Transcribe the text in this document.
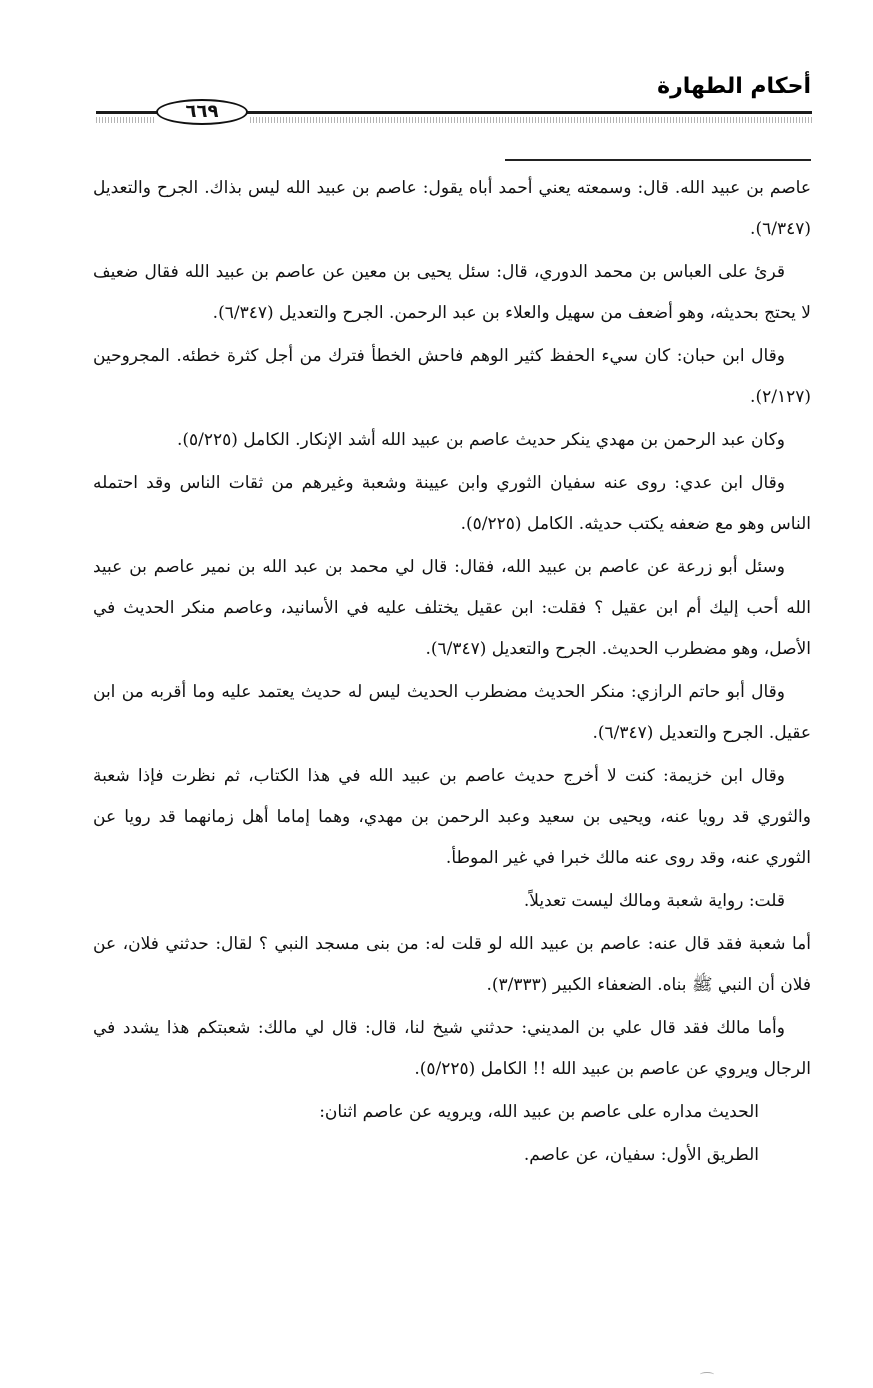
أحكام الطهارة
٦٦٩

عاصم بن عبيد الله. قال: وسمعته يعني أحمد أباه يقول: عاصم بن عبيد الله ليس بذاك. الجرح والتعديل (٦/٣٤٧).

قرئ على العباس بن محمد الدوري، قال: سئل يحيى بن معين عن عاصم بن عبيد الله فقال ضعيف لا يحتج بحديثه، وهو أضعف من سهيل والعلاء بن عبد الرحمن. الجرح والتعديل (٦/٣٤٧).

وقال ابن حبان: كان سيء الحفظ كثير الوهم فاحش الخطأ فترك من أجل كثرة خطئه. المجروحين (٢/١٢٧).

وكان عبد الرحمن بن مهدي ينكر حديث عاصم بن عبيد الله أشد الإنكار. الكامل (٥/٢٢٥).

وقال ابن عدي: روى عنه سفيان الثوري وابن عيينة وشعبة وغيرهم من ثقات الناس وقد احتمله الناس وهو مع ضعفه يكتب حديثه. الكامل (٥/٢٢٥).

وسئل أبو زرعة عن عاصم بن عبيد الله، فقال: قال لي محمد بن عبد الله بن نمير عاصم بن عبيد الله أحب إليك أم ابن عقيل ؟ فقلت: ابن عقيل يختلف عليه في الأسانيد، وعاصم منكر الحديث في الأصل، وهو مضطرب الحديث. الجرح والتعديل (٦/٣٤٧).

وقال أبو حاتم الرازي: منكر الحديث مضطرب الحديث ليس له حديث يعتمد عليه وما أقربه من ابن عقيل. الجرح والتعديل (٦/٣٤٧).

وقال ابن خزيمة: كنت لا أخرج حديث عاصم بن عبيد الله في هذا الكتاب، ثم نظرت فإذا شعبة والثوري قد رويا عنه، ويحيى بن سعيد وعبد الرحمن بن مهدي، وهما إماما أهل زمانهما قد رويا عن الثوري عنه، وقد روى عنه مالك خبرا في غير الموطأ.

قلت: رواية شعبة ومالك ليست تعديلاً.

أما شعبة فقد قال عنه: عاصم بن عبيد الله لو قلت له: من بنى مسجد النبي ؟ لقال: حدثني فلان، عن فلان أن النبي ﷺ بناه. الضعفاء الكبير (٣/٣٣٣).

وأما مالك فقد قال علي بن المديني: حدثني شيخ لنا، قال: قال لي مالك: شعبتكم هذا يشدد في الرجال ويروي عن عاصم بن عبيد الله !! الكامل (٥/٢٢٥).

الحديث مداره على عاصم بن عبيد الله، ويرويه عن عاصم اثنان:

الطريق الأول: سفيان، عن عاصم.
